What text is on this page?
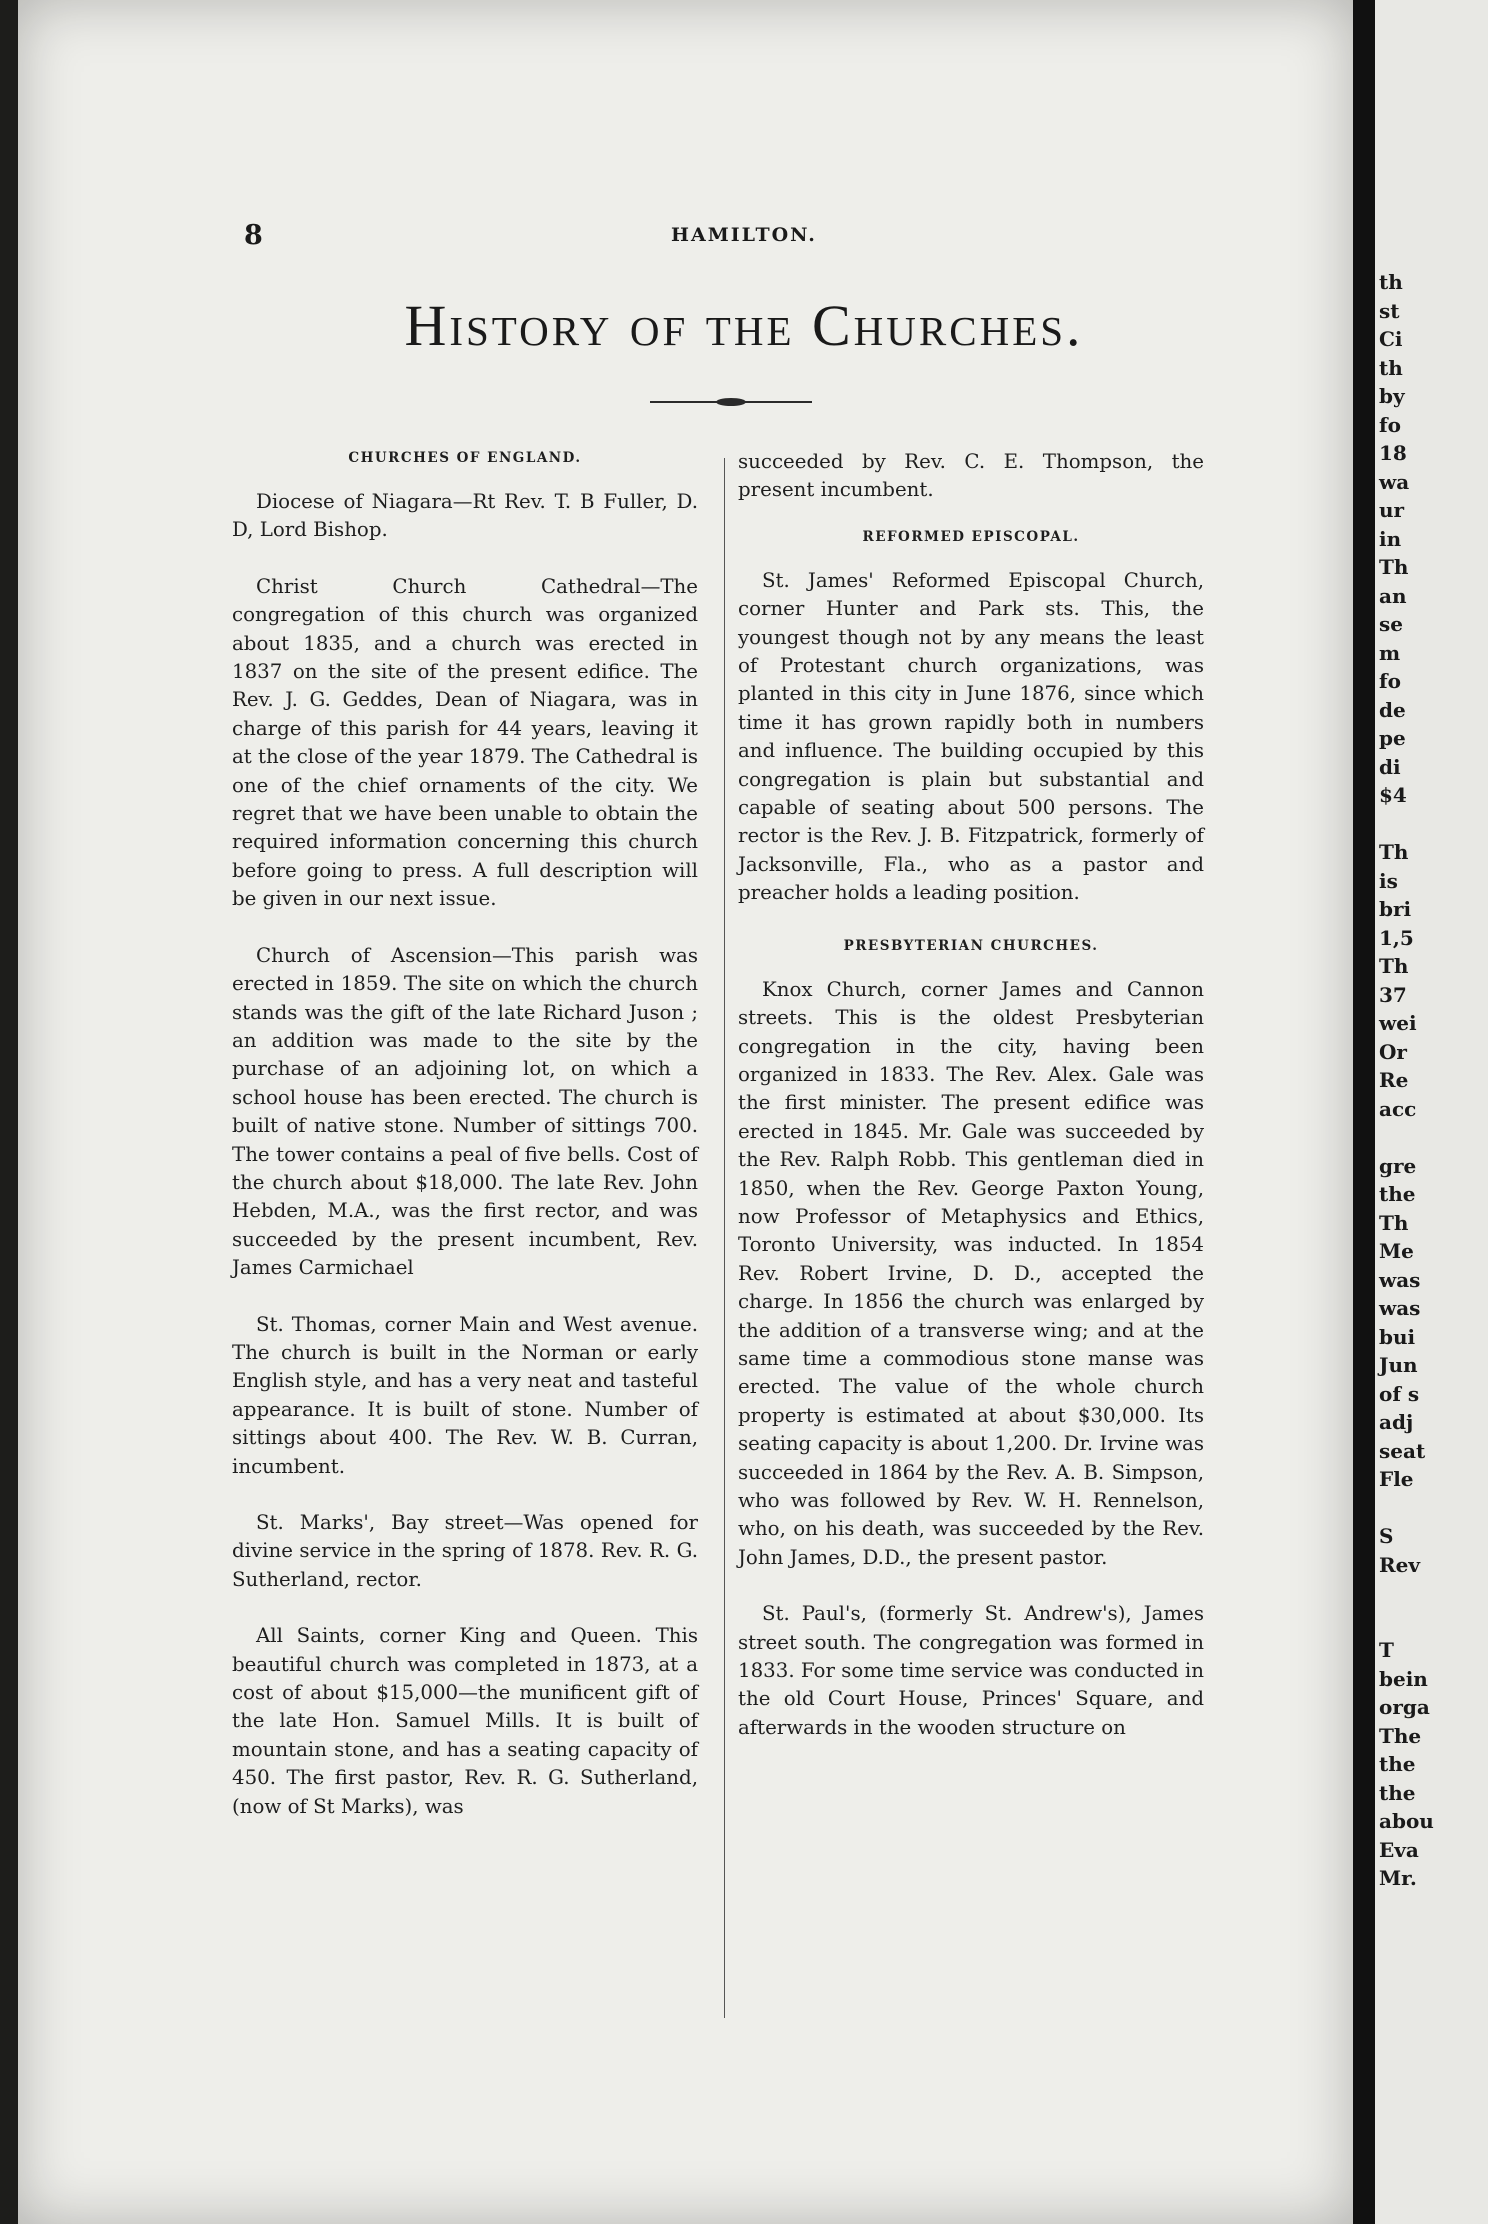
th
st
Ci
th
by
fo
18
wa
ur
in
Th
an
se
m
fo
de
pe
di
$4
Th
is
bri
1,5
Th
37
wei
Or
Re
acc
gre
the
Th
Me
was
was
bui
Jun
of s
adj
seat
Fle
S
Rev
T
bein
orga
The
the
the
abou
Eva
Mr.
8	HAMILTON.
History of the Churches.
CHURCHES OF ENGLAND.

Diocese of Niagara—Rt Rev. T. B Fuller, D. D, Lord Bishop.

Christ Church Cathedral—The congregation of this church was organized about 1835, and a church was erected in 1837 on the site of the present edifice. The Rev. J. G. Geddes, Dean of Niagara, was in charge of this parish for 44 years, leaving it at the close of the year 1879. The Cathedral is one of the chief ornaments of the city. We regret that we have been unable to obtain the required information concerning this church before going to press. A full description will be given in our next issue.

Church of Ascension—This parish was erected in 1859. The site on which the church stands was the gift of the late Richard Juson ; an addition was made to the site by the purchase of an adjoining lot, on which a school house has been erected. The church is built of native stone. Number of sittings 700. The tower contains a peal of five bells. Cost of the church about $18,000. The late Rev. John Hebden, M.A., was the first rector, and was succeeded by the present incumbent, Rev. James Carmichael

St. Thomas, corner Main and West avenue. The church is built in the Norman or early English style, and has a very neat and tasteful appearance. It is built of stone. Number of sittings about 400. The Rev. W. B. Curran, incumbent.

St. Marks', Bay street—Was opened for divine service in the spring of 1878. Rev. R. G. Sutherland, rector.

All Saints, corner King and Queen. This beautiful church was completed in 1873, at a cost of about $15,000—the munificent gift of the late Hon. Samuel Mills. It is built of mountain stone, and has a seating capacity of 450. The first pastor, Rev. R. G. Sutherland, (now of St Marks), was

succeeded by Rev. C. E. Thompson, the present incumbent.

REFORMED EPISCOPAL.

St. James' Reformed Episcopal Church, corner Hunter and Park sts. This, the youngest though not by any means the least of Protestant church organizations, was planted in this city in June 1876, since which time it has grown rapidly both in numbers and influence. The building occupied by this congregation is plain but substantial and capable of seating about 500 persons. The rector is the Rev. J. B. Fitzpatrick, formerly of Jacksonville, Fla., who as a pastor and preacher holds a leading position.

PRESBYTERIAN CHURCHES.

Knox Church, corner James and Cannon streets. This is the oldest Presbyterian congregation in the city, having been organized in 1833. The Rev. Alex. Gale was the first minister. The present edifice was erected in 1845. Mr. Gale was succeeded by the Rev. Ralph Robb. This gentleman died in 1850, when the Rev. George Paxton Young, now Professor of Metaphysics and Ethics, Toronto University, was inducted. In 1854 Rev. Robert Irvine, D. D., accepted the charge. In 1856 the church was enlarged by the addition of a transverse wing; and at the same time a commodious stone manse was erected. The value of the whole church property is estimated at about $30,000. Its seating capacity is about 1,200. Dr. Irvine was succeeded in 1864 by the Rev. A. B. Simpson, who was followed by Rev. W. H. Rennelson, who, on his death, was succeeded by the Rev. John James, D.D., the present pastor.

St. Paul's, (formerly St. Andrew's), James street south. The congregation was formed in 1833. For some time service was conducted in the old Court House, Princes' Square, and afterwards in the wooden structure on
